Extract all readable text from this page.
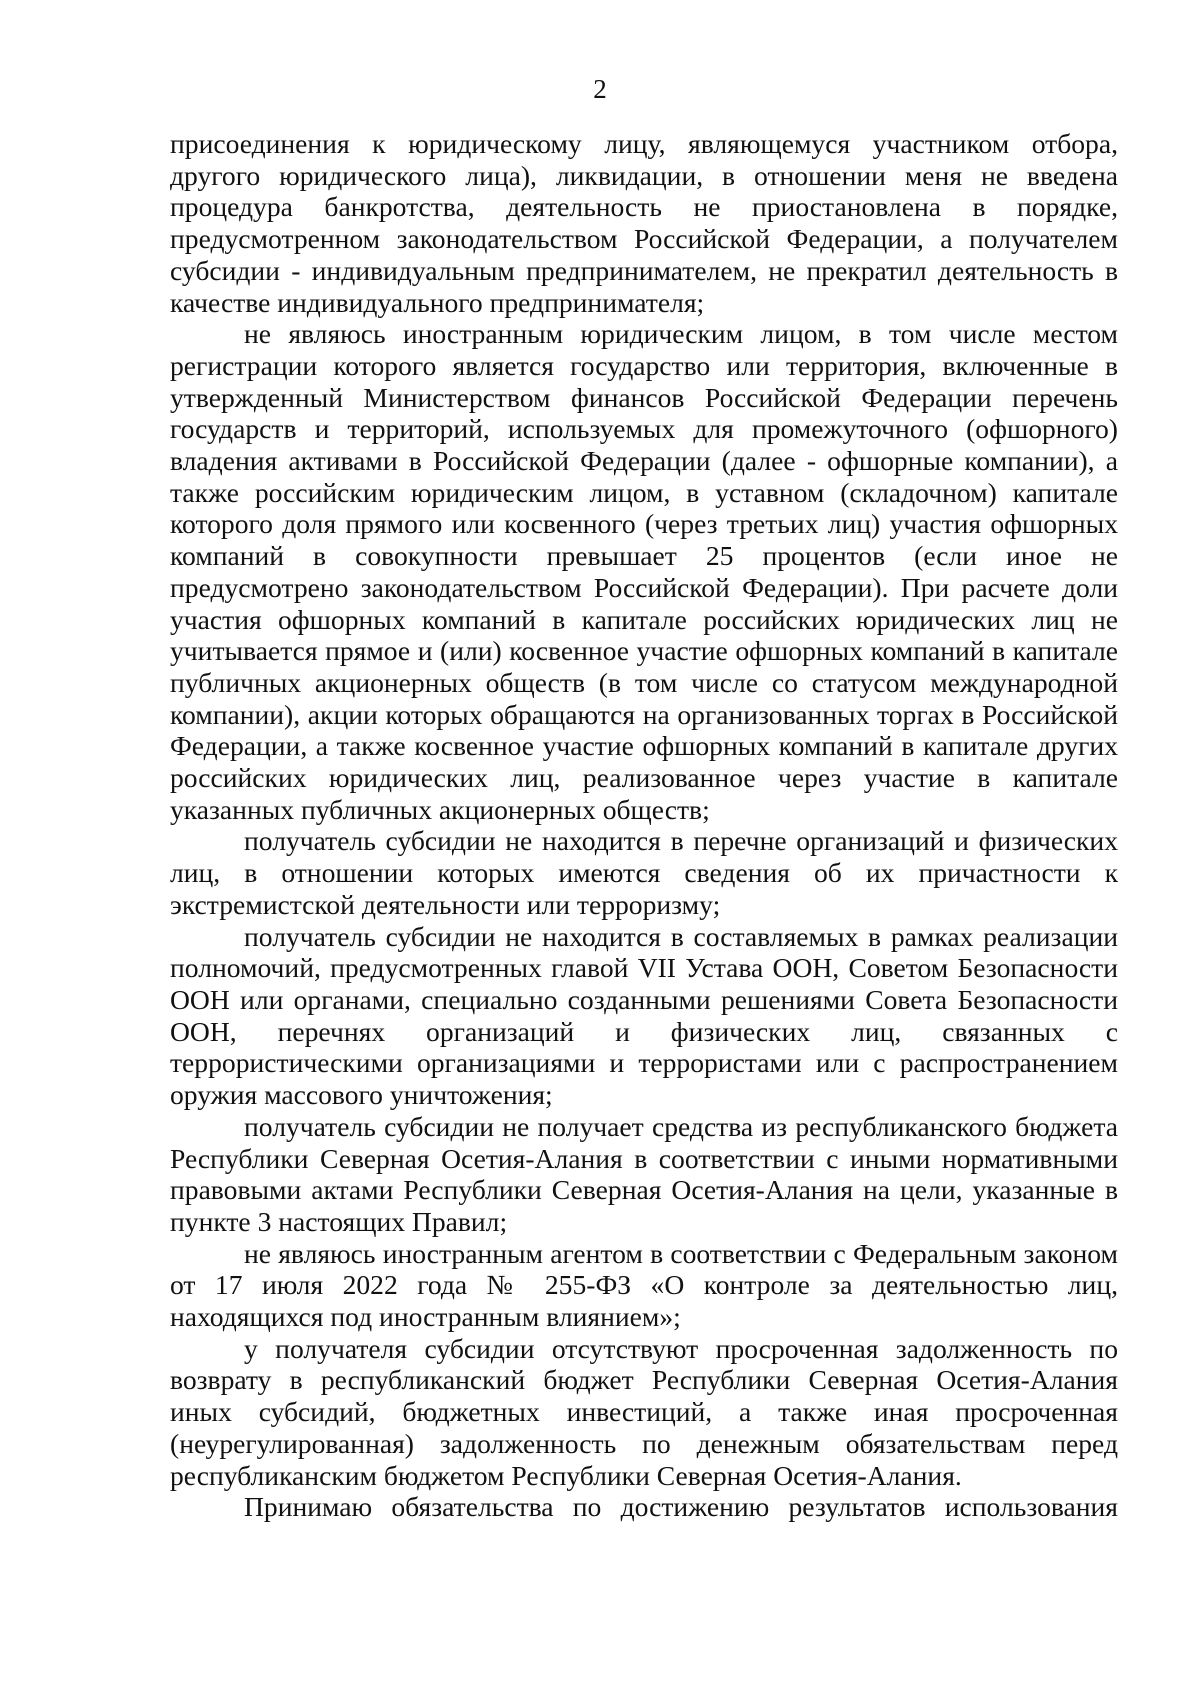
2

присоединения к юридическому лицу, являющемуся участником отбора, другого юридического лица), ликвидации, в отношении меня не введена процедура банкротства, деятельность не приостановлена в порядке, предусмотренном законодательством Российской Федерации, а получателем субсидии - индивидуальным предпринимателем, не прекратил деятельность в качестве индивидуального предпринимателя;

не являюсь иностранным юридическим лицом, в том числе местом регистрации которого является государство или территория, включенные в утвержденный Министерством финансов Российской Федерации перечень государств и территорий, используемых для промежуточного (офшорного) владения активами в Российской Федерации (далее - офшорные компании), а также российским юридическим лицом, в уставном (складочном) капитале которого доля прямого или косвенного (через третьих лиц) участия офшорных компаний в совокупности превышает 25 процентов (если иное не предусмотрено законодательством Российской Федерации). При расчете доли участия офшорных компаний в капитале российских юридических лиц не учитывается прямое и (или) косвенное участие офшорных компаний в капитале публичных акционерных обществ (в том числе со статусом международной компании), акции которых обращаются на организованных торгах в Российской Федерации, а также косвенное участие офшорных компаний в капитале других российских юридических лиц, реализованное через участие в капитале указанных публичных акционерных обществ;

получатель субсидии не находится в перечне организаций и физических лиц, в отношении которых имеются сведения об их причастности к экстремистской деятельности или терроризму;

получатель субсидии не находится в составляемых в рамках реализации полномочий, предусмотренных главой VII Устава ООН, Советом Безопасности ООН или органами, специально созданными решениями Совета Безопасности ООН, перечнях организаций и физических лиц, связанных с террористическими организациями и террористами или с распространением оружия массового уничтожения;

получатель субсидии не получает средства из республиканского бюджета Республики Северная Осетия-Алания в соответствии с иными нормативными правовыми актами Республики Северная Осетия-Алания на цели, указанные в пункте 3 настоящих Правил;

не являюсь иностранным агентом в соответствии с Федеральным законом от 17 июля 2022 года № 255-ФЗ «О контроле за деятельностью лиц, находящихся под иностранным влиянием»;

у получателя субсидии отсутствуют просроченная задолженность по возврату в республиканский бюджет Республики Северная Осетия-Алания иных субсидий, бюджетных инвестиций, а также иная просроченная (неурегулированная) задолженность по денежным обязательствам перед республиканским бюджетом Республики Северная Осетия-Алания.

Принимаю обязательства по достижению результатов использования
